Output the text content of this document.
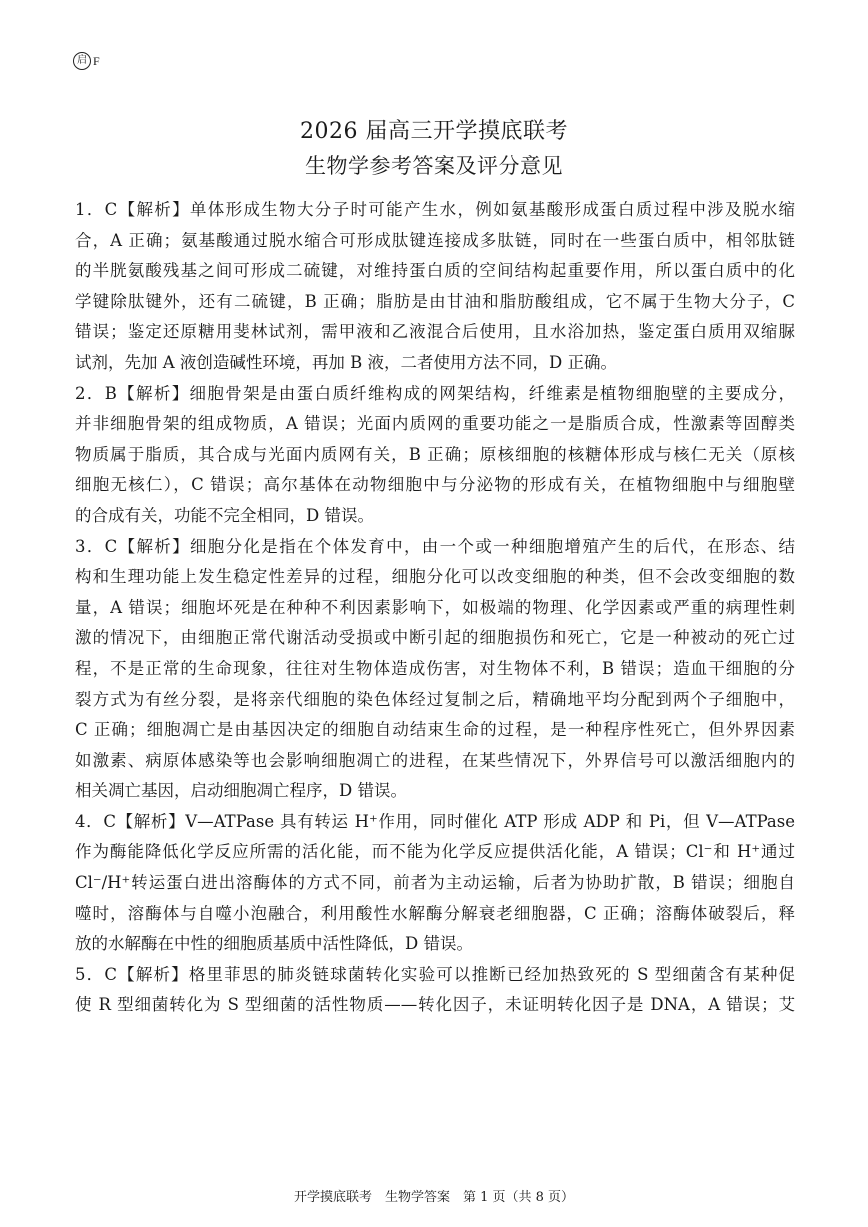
启 F
2026 届高三开学摸底联考
生物学参考答案及评分意见
1．C【解析】单体形成生物大分子时可能产生水，例如氨基酸形成蛋白质过程中涉及脱水缩
合，A 正确；氨基酸通过脱水缩合可形成肽键连接成多肽链，同时在一些蛋白质中，相邻肽链
的半胱氨酸残基之间可形成二硫键，对维持蛋白质的空间结构起重要作用，所以蛋白质中的化
学键除肽键外，还有二硫键，B 正确；脂肪是由甘油和脂肪酸组成，它不属于生物大分子，C
错误；鉴定还原糖用斐林试剂，需甲液和乙液混合后使用，且水浴加热，鉴定蛋白质用双缩脲
试剂，先加 A 液创造碱性环境，再加 B 液，二者使用方法不同，D 正确。
2．B【解析】细胞骨架是由蛋白质纤维构成的网架结构，纤维素是植物细胞壁的主要成分，
并非细胞骨架的组成物质，A 错误；光面内质网的重要功能之一是脂质合成，性激素等固醇类
物质属于脂质，其合成与光面内质网有关，B 正确；原核细胞的核糖体形成与核仁无关（原核
细胞无核仁），C 错误；高尔基体在动物细胞中与分泌物的形成有关，在植物细胞中与细胞壁
的合成有关，功能不完全相同，D 错误。
3．C【解析】细胞分化是指在个体发育中，由一个或一种细胞增殖产生的后代，在形态、结
构和生理功能上发生稳定性差异的过程，细胞分化可以改变细胞的种类，但不会改变细胞的数
量，A 错误；细胞坏死是在种种不利因素影响下，如极端的物理、化学因素或严重的病理性刺
激的情况下，由细胞正常代谢活动受损或中断引起的细胞损伤和死亡，它是一种被动的死亡过
程，不是正常的生命现象，往往对生物体造成伤害，对生物体不利，B 错误；造血干细胞的分
裂方式为有丝分裂，是将亲代细胞的染色体经过复制之后，精确地平均分配到两个子细胞中，
C 正确；细胞凋亡是由基因决定的细胞自动结束生命的过程，是一种程序性死亡，但外界因素
如激素、病原体感染等也会影响细胞凋亡的进程，在某些情况下，外界信号可以激活细胞内的
相关凋亡基因，启动细胞凋亡程序，D 错误。
4．C【解析】V—ATPase 具有转运 H⁺作用，同时催化 ATP 形成 ADP 和 Pi，但 V—ATPase
作为酶能降低化学反应所需的活化能，而不能为化学反应提供活化能，A 错误；Cl⁻和 H⁺通过
Cl⁻/H⁺转运蛋白进出溶酶体的方式不同，前者为主动运输，后者为协助扩散，B 错误；细胞自
噬时，溶酶体与自噬小泡融合，利用酸性水解酶分解衰老细胞器，C 正确；溶酶体破裂后，释
放的水解酶在中性的细胞质基质中活性降低，D 错误。
5．C【解析】格里菲思的肺炎链球菌转化实验可以推断已经加热致死的 S 型细菌含有某种促
使 R 型细菌转化为 S 型细菌的活性物质——转化因子，未证明转化因子是 DNA，A 错误；艾
开学摸底联考　生物学答案　第 1 页（共 8 页）
